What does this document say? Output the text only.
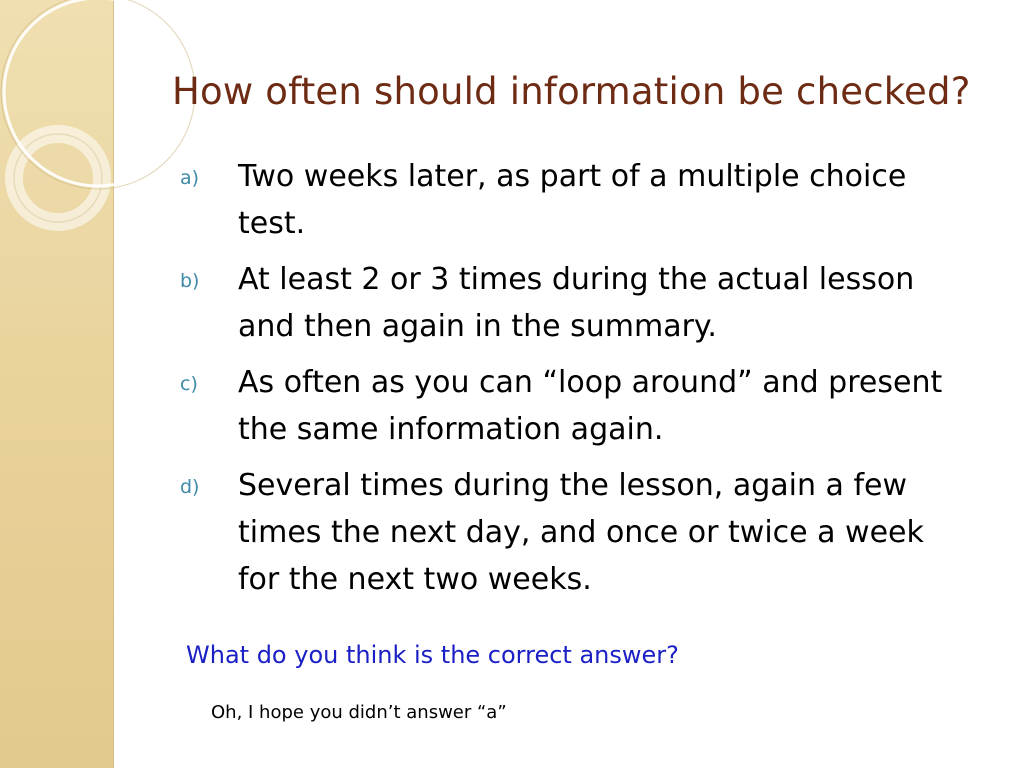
How often should information be checked?
a) Two weeks later, as part of a multiple choice test.
b) At least 2 or 3 times during the actual lesson and then again in the summary.
c) As often as you can “loop around” and present the same information again.
d) Several times during the lesson, again a few times the next day, and once or twice a week for the next two weeks.

What do you think is the correct answer?

Oh, I hope you didn’t answer “a”
